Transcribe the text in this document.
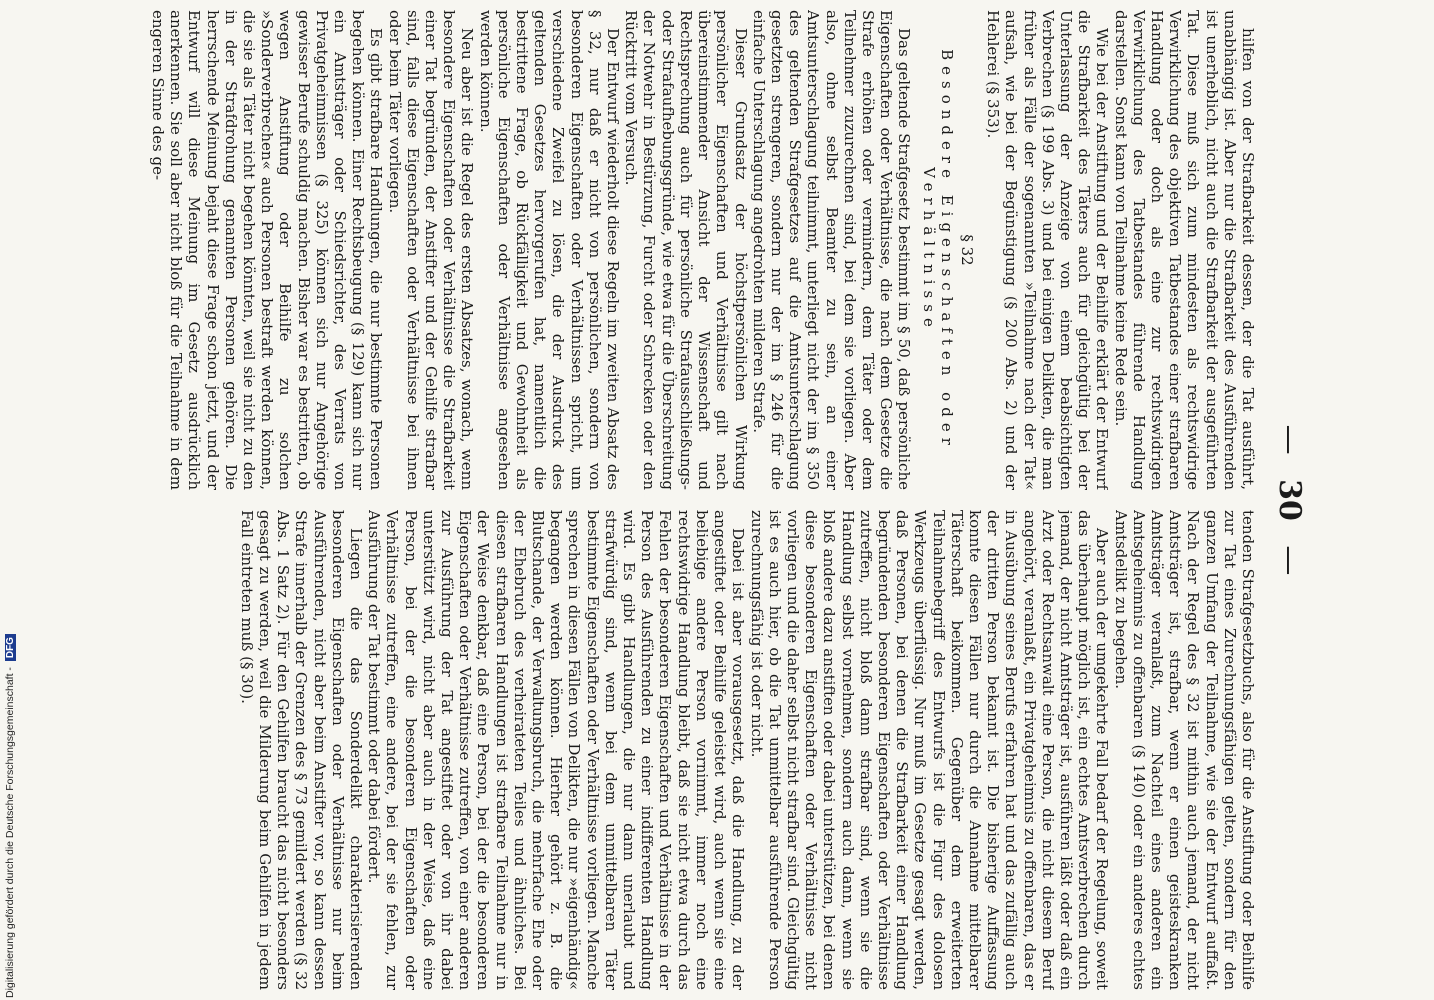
— 30 —

hilfen von der Strafbarkeit dessen, der die Tat ausführt, unabhängig ist. Aber nur die Strafbarkeit des Ausführenden ist unerheblich, nicht auch die Strafbarkeit der ausgeführten Tat. Diese muß sich zum mindesten als rechtswidrige Verwirklichung des objektiven Tatbestandes einer strafbaren Handlung oder doch als eine zur rechtswidrigen Verwirklichung des Tatbestandes führende Handlung darstellen. Sonst kann von Teilnahme keine Rede sein.

Wie bei der Anstiftung und der Beihilfe erklärt der Entwurf die Strafbarkeit des Täters auch für gleichgültig bei der Unterlassung der Anzeige von einem beabsichtigten Verbrechen (§ 199 Abs. 3) und bei einigen Delikten, die man früher als Fälle der sogenannten »Teilnahme nach der Tat« aufsah, wie bei der Begünstigung (§ 200 Abs. 2) und der Hehlerei (§ 353).

§ 32
Besondere Eigenschaften oder Verhältnisse

Das geltende Strafgesetz bestimmt im § 50, daß persönliche Eigenschaften oder Verhältnisse, die nach dem Gesetze die Strafe erhöhen oder vermindern, dem Täter oder dem Teilnehmer zuzurechnen sind, bei dem sie vorliegen. Aber also, ohne selbst Beamter zu sein, an einer Amtsunterschlagung teilnimmt, unterliegt nicht der im § 350 des geltenden Strafgesetzes auf die Amtsunterschlagung gesetzten strengeren, sondern nur der im § 246 für die einfache Unterschlagung angedrohten milderen Strafe.

Dieser Grundsatz der höchstpersönlichen Wirkung persönlicher Eigenschaften und Verhältnisse gilt nach übereinstimmender Ansicht der Wissenschaft und Rechtsprechung auch für persönliche Strafausschließungs- oder Strafaufhebungsgründe, wie etwa für die Überschreitung der Notwehr in Bestürzung, Furcht oder Schrecken oder den Rücktritt vom Versuch.

Der Entwurf wiederholt diese Regeln im zweiten Absatz des § 32, nur daß er nicht von persönlichen, sondern von besonderen Eigenschaften oder Verhältnissen spricht, um verschiedene Zweifel zu lösen, die der Ausdruck des geltenden Gesetzes hervorgerufen hat, namentlich die bestrittene Frage, ob Rückfälligkeit und Gewohnheit als persönliche Eigenschaften oder Verhältnisse angesehen werden können.

Neu aber ist die Regel des ersten Absatzes, wonach, wenn besondere Eigenschaften oder Verhältnisse die Strafbarkeit einer Tat begründen, der Anstifter und der Gehilfe strafbar sind, falls diese Eigenschaften oder Verhältnisse bei ihnen oder beim Täter vorliegen.

Es gibt strafbare Handlungen, die nur bestimmte Personen begehen können. Einer Rechtsbeugung (§ 129) kann sich nur ein Amtsträger oder Schiedsrichter, des Verrats von Privatgeheimnissen (§ 325) können sich nur Angehörige gewisser Berufe schuldig machen. Bisher war es bestritten, ob wegen Anstiftung oder Beihilfe zu solchen »Sonderverbrechen« auch Personen bestraft werden können, die sie als Täter nicht begehen könnten, weil sie nicht zu den in der Strafdrohung genannten Personen gehören. Die herrschende Meinung bejaht diese Frage schon jetzt, und der Entwurf will diese Meinung im Gesetz ausdrücklich anerkennen. Sie soll aber nicht bloß für die Teilnahme in dem engeren Sinne des ge-

tenden Strafgesetzbuchs, also für die Anstiftung oder Beihilfe zur Tat eines Zurechnungsfähigen gelten, sondern für den ganzen Umfang der Teilnahme, wie sie der Entwurf auffaßt. Nach der Regel des § 32 ist mithin auch jemand, der nicht Amtsträger ist, strafbar, wenn er einen geisteskranken Amtsträger veranlaßt, zum Nachteil eines anderen ein Amtsgeheimnis zu offenbaren (§ 140) oder ein anderes echtes Amtsdelikt zu begehen.

Aber auch der umgekehrte Fall bedarf der Regelung, soweit das überhaupt möglich ist, ein echtes Amtsverbrechen durch jemand, der nicht Amtsträger ist, ausführen läßt oder daß ein Arzt oder Rechtsanwalt eine Person, die nicht diesem Beruf angehört, veranlaßt, ein Privatgeheimnis zu offenbaren, das er in Ausübung seines Berufs erfahren hat und das zufällig auch der dritten Person bekannt ist. Die bisherige Auffassung konnte diesen Fällen nur durch die Annahme mittelbarer Täterschaft beikommen. Gegenüber dem erweiterten Teilnahmebegriff des Entwurfs ist die Figur des dolosen Werkzeugs überflüssig. Nur muß im Gesetze gesagt werden, daß Personen, bei denen die Strafbarkeit einer Handlung begründenden besonderen Eigenschaften oder Verhältnisse zutreffen, nicht bloß dann strafbar sind, wenn sie die Handlung selbst vornehmen, sondern auch dann, wenn sie bloß andere dazu anstiften oder dabei unterstützen, bei denen diese besonderen Eigenschaften oder Verhältnisse nicht vorliegen und die daher selbst nicht strafbar sind. Gleichgültig ist es auch hier, ob die Tat unmittelbar ausführende Person zurechnungsfähig ist oder nicht.

Dabei ist aber vorausgesetzt, daß die Handlung, zu der angestiftet oder Beihilfe geleistet wird, auch wenn sie eine beliebige andere Person vornimmt, immer noch eine rechtswidrige Handlung bleibt, daß sie nicht etwa durch das Fehlen der besonderen Eigenschaften und Verhältnisse in der Person des Ausführenden zu einer indifferenten Handlung wird. Es gibt Handlungen, die nur dann unerlaubt und strafwürdig sind, wenn bei dem unmittelbaren Täter bestimmte Eigenschaften oder Verhältnisse vorliegen. Manche sprechen in diesen Fällen von Delikten, die nur »eigenhändig« begangen werden können. Hierher gehört z. B. die Blutschande, der Verwaltungsbruch, die mehrfache Ehe oder der Ehebruch des verheirateten Teiles und ähnliches. Bei diesen strafbaren Handlungen ist strafbare Teilnahme nur in der Weise denkbar, daß eine Person, bei der die besonderen Eigenschaften oder Verhältnisse zutreffen, von einer anderen zur Ausführung der Tat angestiftet oder von ihr dabei unterstützt wird, nicht aber auch in der Weise, daß eine Person, bei der die besonderen Eigenschaften oder Verhältnisse zutreffen, eine andere, bei der sie fehlen, zur Ausführung der Tat bestimmt oder dabei fördert.

Liegen die das Sonderdelikt charakterisierenden besonderen Eigenschaften oder Verhältnisse nur beim Ausführenden, nicht aber beim Anstifter vor, so kann dessen Strafe innerhalb der Grenzen des § 73 gemildert werden (§ 32 Abs. 1 Satz 2). Für den Gehilfen braucht das nicht besonders gesagt zu werden, weil die Milderung beim Gehilfen in jedem Fall eintreten muß (§ 30).

Digitalisierung gefördert durch die Deutsche Forschungsgemeinschaft - DFG
